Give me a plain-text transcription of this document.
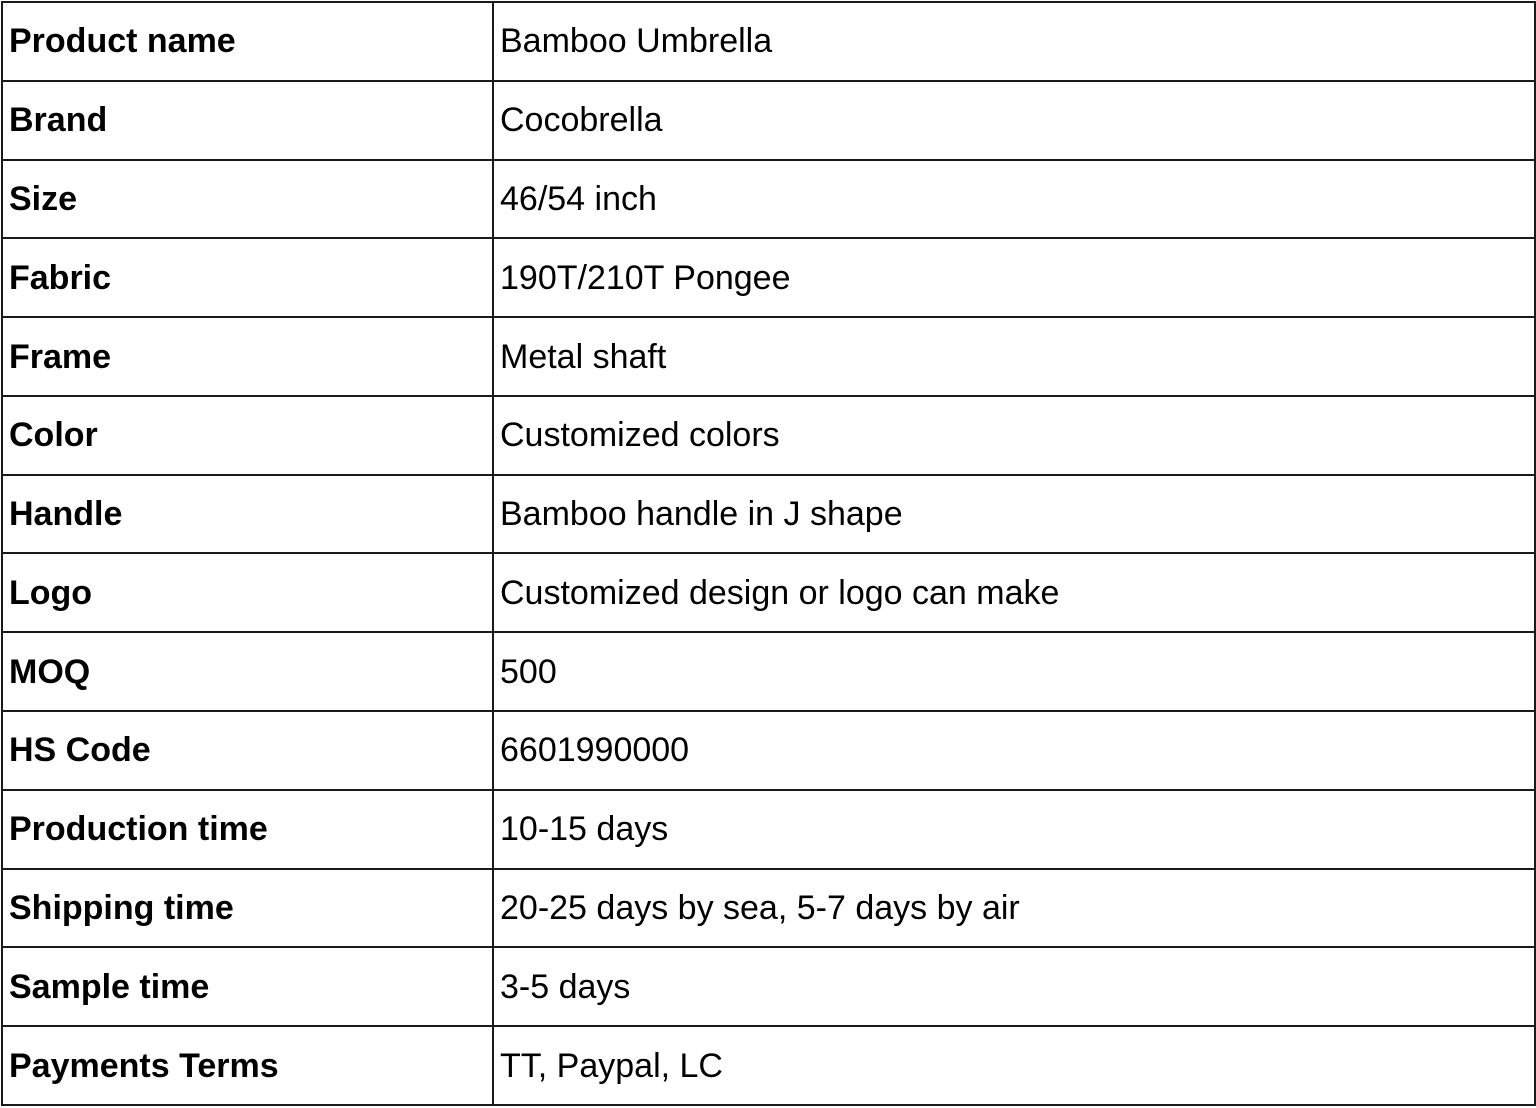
Product name	Bamboo Umbrella
Brand	Cocobrella
Size	46/54 inch
Fabric	190T/210T Pongee
Frame	Metal shaft
Color	Customized colors
Handle	Bamboo handle in J shape
Logo	Customized design or logo can make
MOQ	500
HS Code	6601990000
Production time	10-15 days
Shipping time	20-25 days by sea, 5-7 days by air
Sample time	3-5 days
Payments Terms	TT, Paypal, LC
